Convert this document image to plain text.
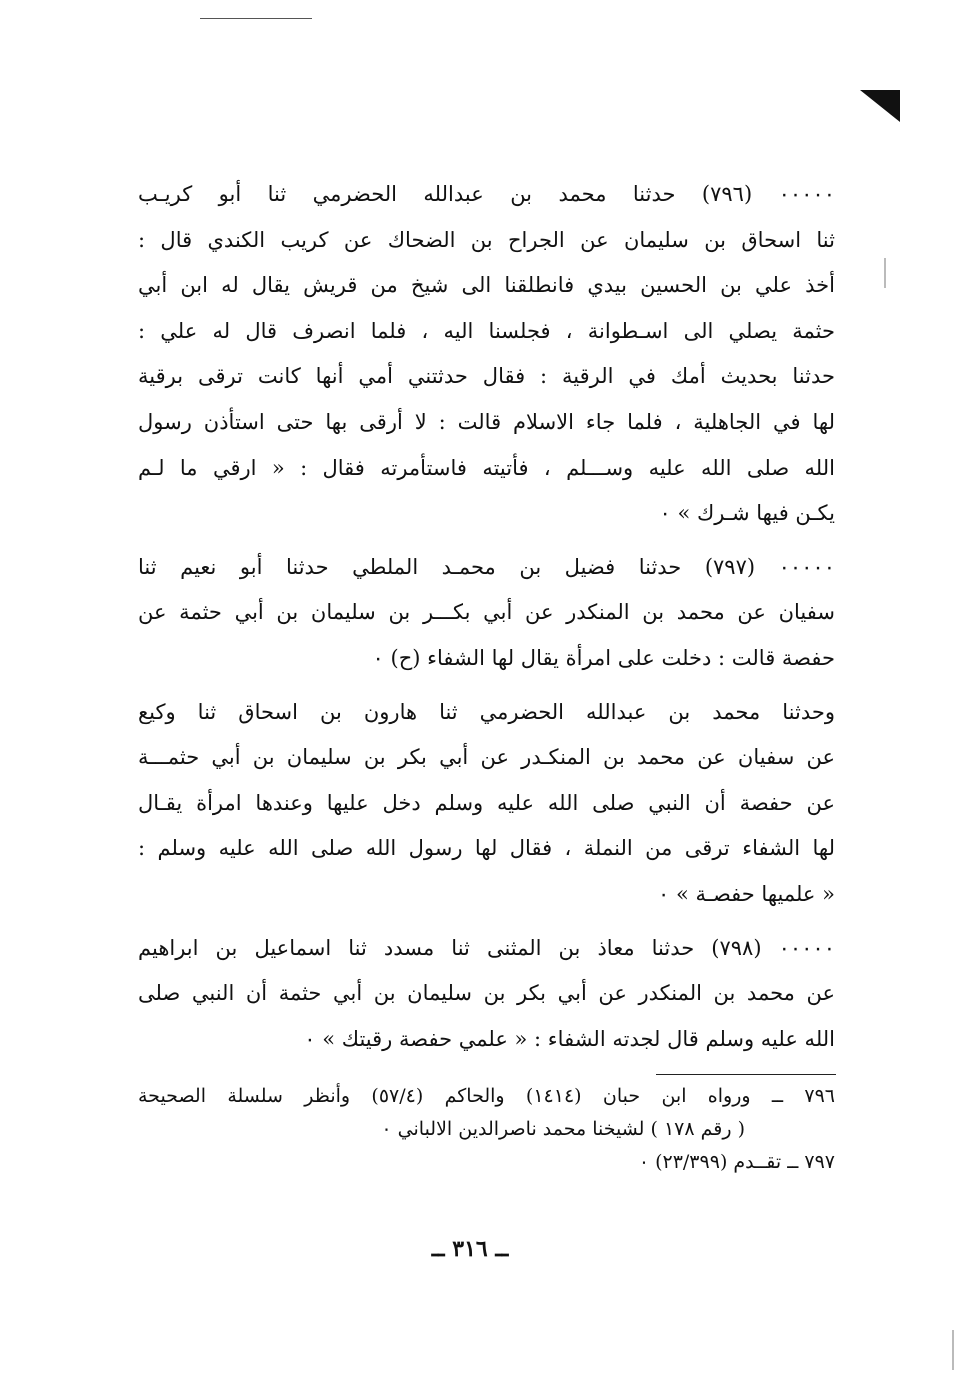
٠٠٠٠٠ (٧٩٦) حدثنا محمد بن عبدالله الحضرمي ثنا أبو كريـب
ثنا اسحاق بن سليمان عن الجراح بن الضحاك عن كريب الكندي قال :
أخذ علي بن الحسين بيدي فانطلقنا الى شيخ من قريش يقال له ابن أبي
حثمة يصلي الى اسـطوانة ، فجلسنا اليه ، فلما انصرف قال له علي :
حدثنا بحديث أمك في الرقية : فقال حدثتني أمي أنها كانت ترقى برقية
لها في الجاهلية ، فلما جاء الاسلام قالت : لا أرقى بها حتى استأذن رسول
الله صلى الله عليه وســـلم ، فأتيته فاستأمرته فقال : « ارقي ما لـم
يكـن فيها شـرك » ٠
٠٠٠٠٠ (٧٩٧) حدثنا فضيل بن محمـد الملطي حدثنا أبو نعيم ثنا
سفيان عن محمد بن المنكدر عن أبي بكـــر بن سليمان بن أبي حثمة عن
حفصة قالت : دخلت على امرأة يقال لها الشفاء (ح) ٠
وحدثنا محمد بن عبدالله الحضرمي ثنا هارون بن اسحاق ثنا وكيع
عن سفيان عن محمد بن المنكـدر عن أبي بكر بن سليمان بن أبي حثمـــة
عن حفصة أن النبي صلى الله عليه وسلم دخل عليها وعندها امرأة يقـال
لها الشفاء ترقى من النملة ، فقال لها رسول الله صلى الله عليه وسلم :
« علميها حفصـة » ٠
٠٠٠٠٠ (٧٩٨) حدثنا معاذ بن المثنى ثنا مسدد ثنا اسماعيل بن ابراهيم
عن محمد بن المنكدر عن أبي بكر بن سليمان بن أبي حثمة أن النبي صلى
الله عليه وسلم قال لجدته الشفاء : « علمي حفصة رقيتك » ٠
٧٩٦ ــ ورواه ابن حبان (١٤١٤) والحاكم (٥٧/٤) وأنظر سلسلة الصحيحة
( رقم ١٧٨ ) لشيخنا محمد ناصرالدين الالباني ٠
٧٩٧ ــ تقــدم (٢٣/٣٩٩) ٠
ــ ٣١٦ ــ
